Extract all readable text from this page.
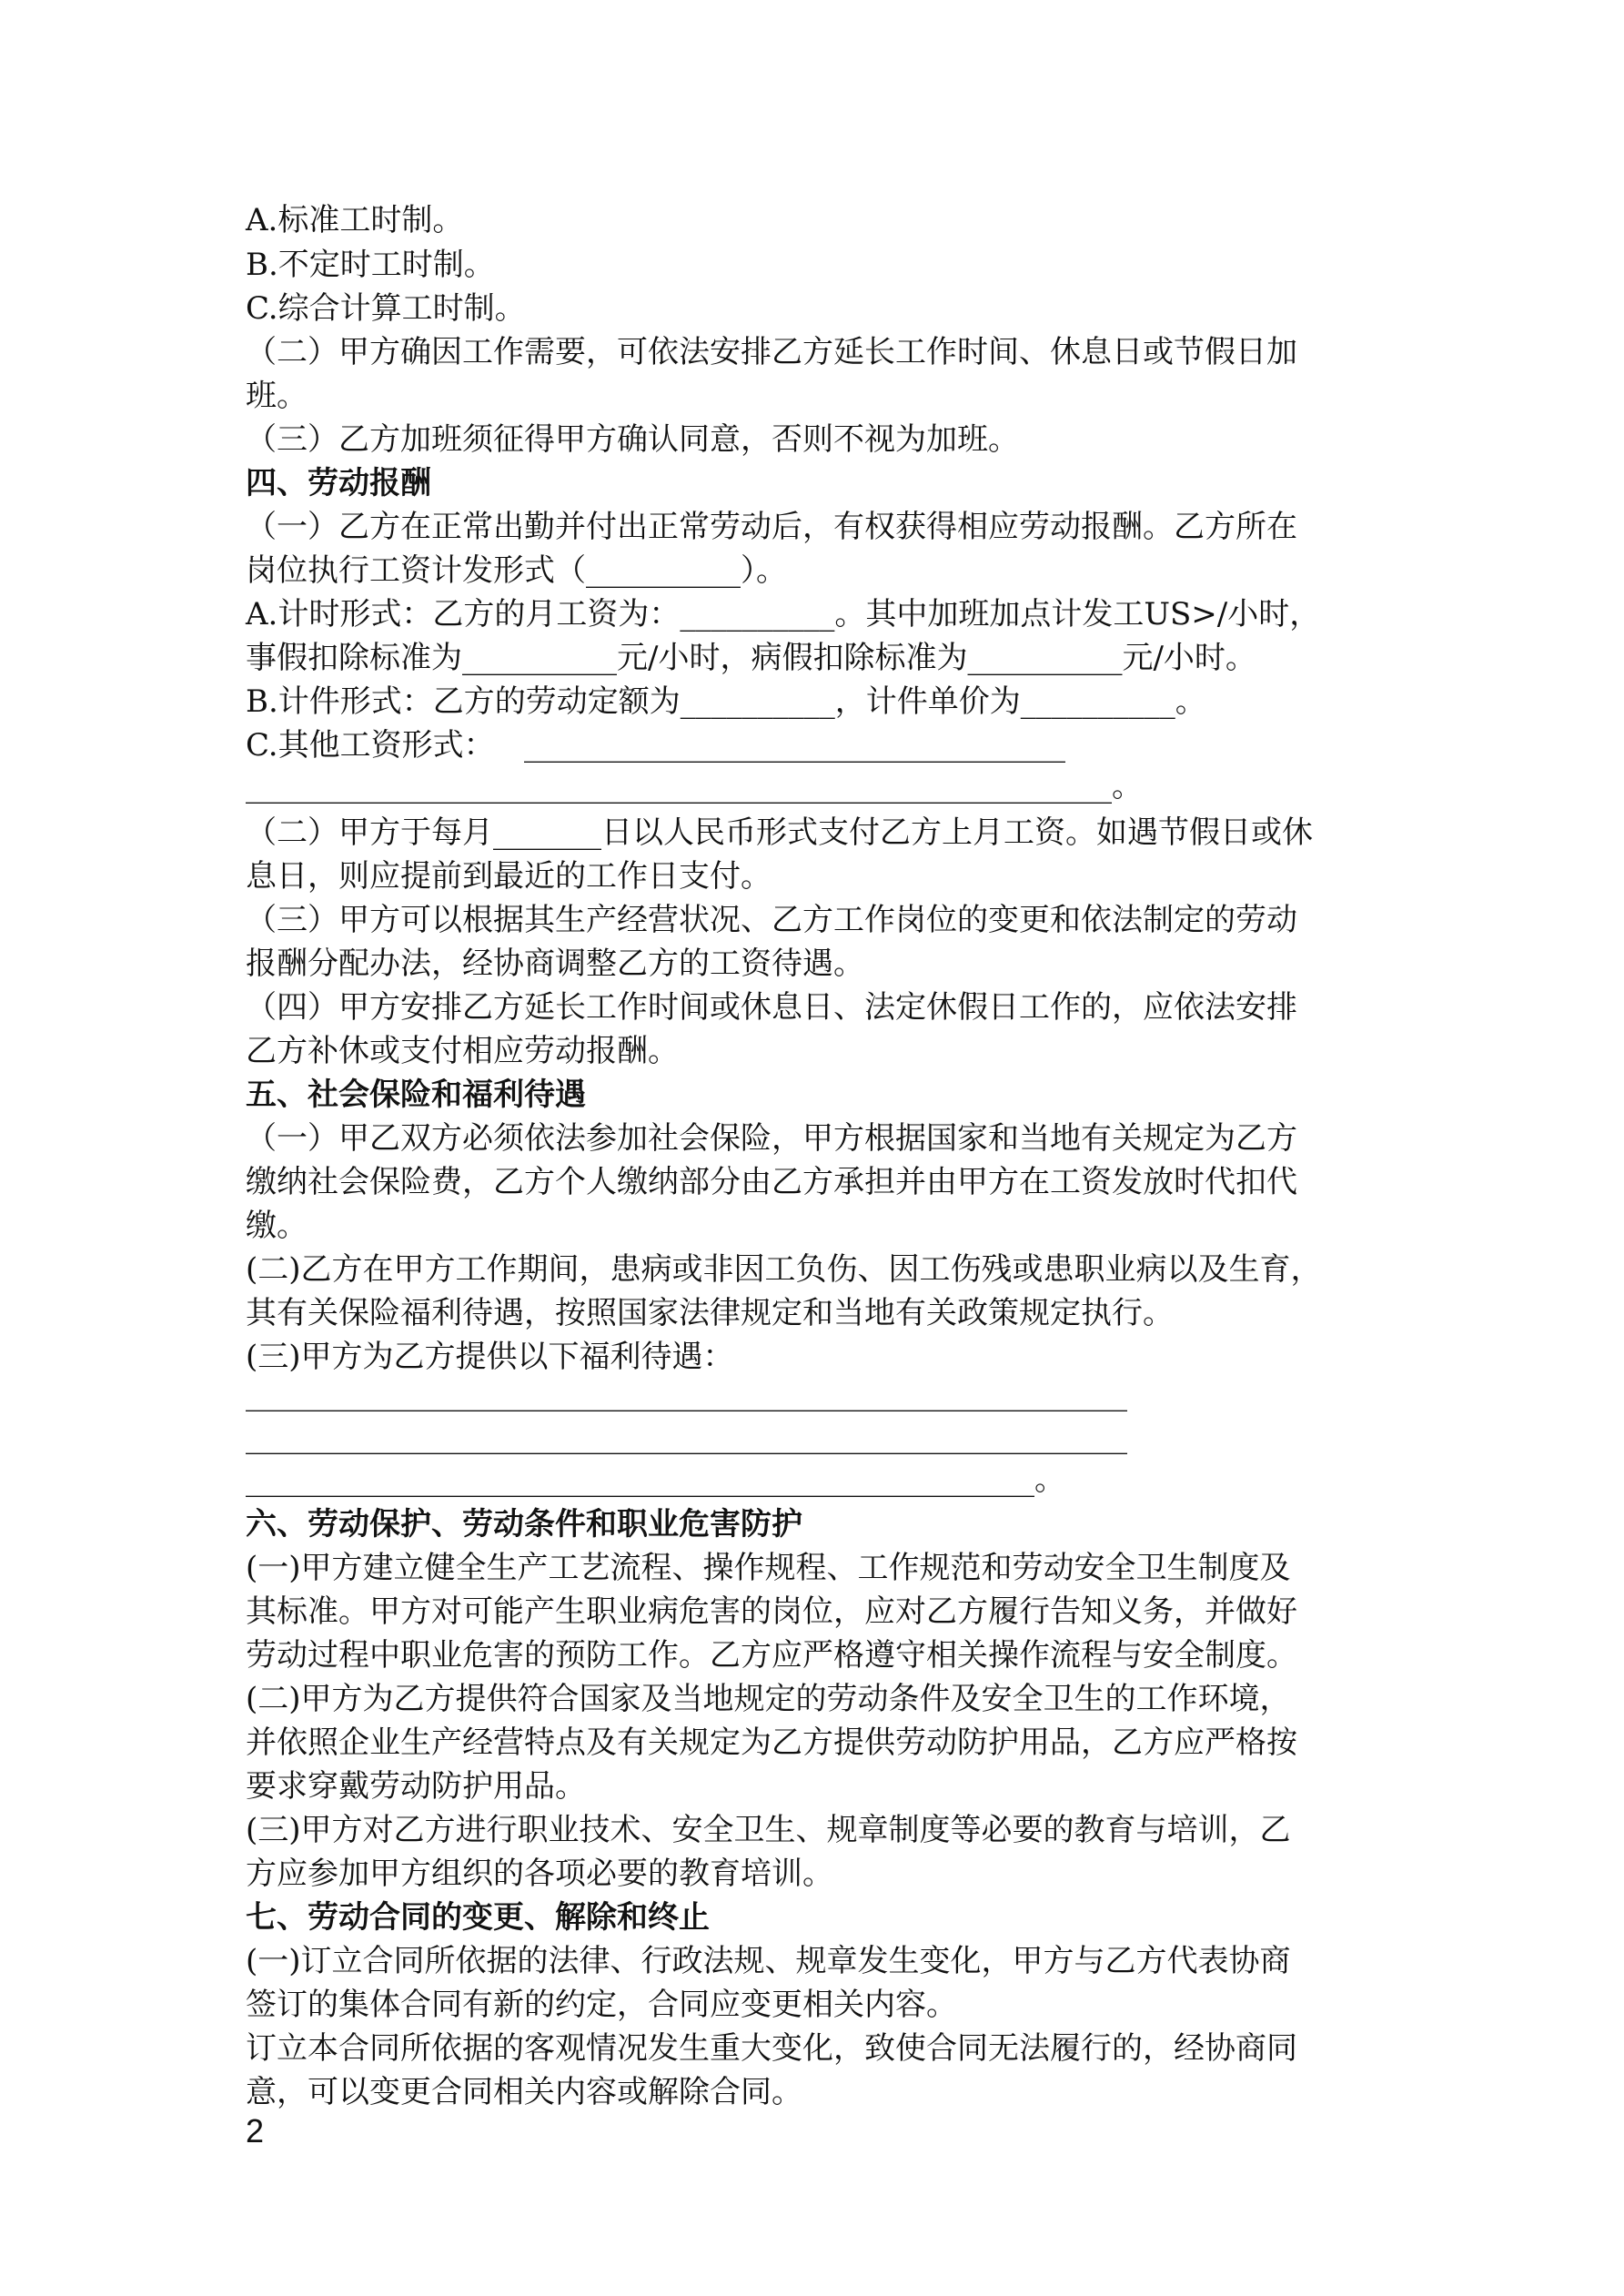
A.标准工时制。
B.不定时工时制。
C.综合计算工时制。
（二）甲方确因工作需要，可依法安排乙方延长工作时间、休息日或节假日加
班。
（三）乙方加班须征得甲方确认同意，否则不视为加班。
四、劳动报酬
（一）乙方在正常出勤并付出正常劳动后，有权获得相应劳动报酬。乙方所在
岗位执行工资计发形式（__________）。
A.计时形式：乙方的月工资为：__________。其中加班加点计发工US>/小时，
事假扣除标准为__________元/小时，病假扣除标准为__________元/小时。
B.计件形式：乙方的劳动定额为__________，计件单价为__________。
C.其他工资形式：   ___________________________________
________________________________________________________。
（二）甲方于每月_______日以人民币形式支付乙方上月工资。如遇节假日或休
息日，则应提前到最近的工作日支付。
（三）甲方可以根据其生产经营状况、乙方工作岗位的变更和依法制定的劳动
报酬分配办法，经协商调整乙方的工资待遇。
（四）甲方安排乙方延长工作时间或休息日、法定休假日工作的，应依法安排
乙方补休或支付相应劳动报酬。
五、社会保险和福利待遇
（一）甲乙双方必须依法参加社会保险，甲方根据国家和当地有关规定为乙方
缴纳社会保险费，乙方个人缴纳部分由乙方承担并由甲方在工资发放时代扣代
缴。
(二)乙方在甲方工作期间，患病或非因工负伤、因工伤残或患职业病以及生育，
其有关保险福利待遇，按照国家法律规定和当地有关政策规定执行。
(三)甲方为乙方提供以下福利待遇：
_________________________________________________________
_________________________________________________________
___________________________________________________。
六、劳动保护、劳动条件和职业危害防护
(一)甲方建立健全生产工艺流程、操作规程、工作规范和劳动安全卫生制度及
其标准。甲方对可能产生职业病危害的岗位，应对乙方履行告知义务，并做好
劳动过程中职业危害的预防工作。乙方应严格遵守相关操作流程与安全制度。
(二)甲方为乙方提供符合国家及当地规定的劳动条件及安全卫生的工作环境，
并依照企业生产经营特点及有关规定为乙方提供劳动防护用品，乙方应严格按
要求穿戴劳动防护用品。
(三)甲方对乙方进行职业技术、安全卫生、规章制度等必要的教育与培训，乙
方应参加甲方组织的各项必要的教育培训。
七、劳动合同的变更、解除和终止
(一)订立合同所依据的法律、行政法规、规章发生变化，甲方与乙方代表协商
签订的集体合同有新的约定，合同应变更相关内容。
订立本合同所依据的客观情况发生重大变化，致使合同无法履行的，经协商同
意，可以变更合同相关内容或解除合同。
2
